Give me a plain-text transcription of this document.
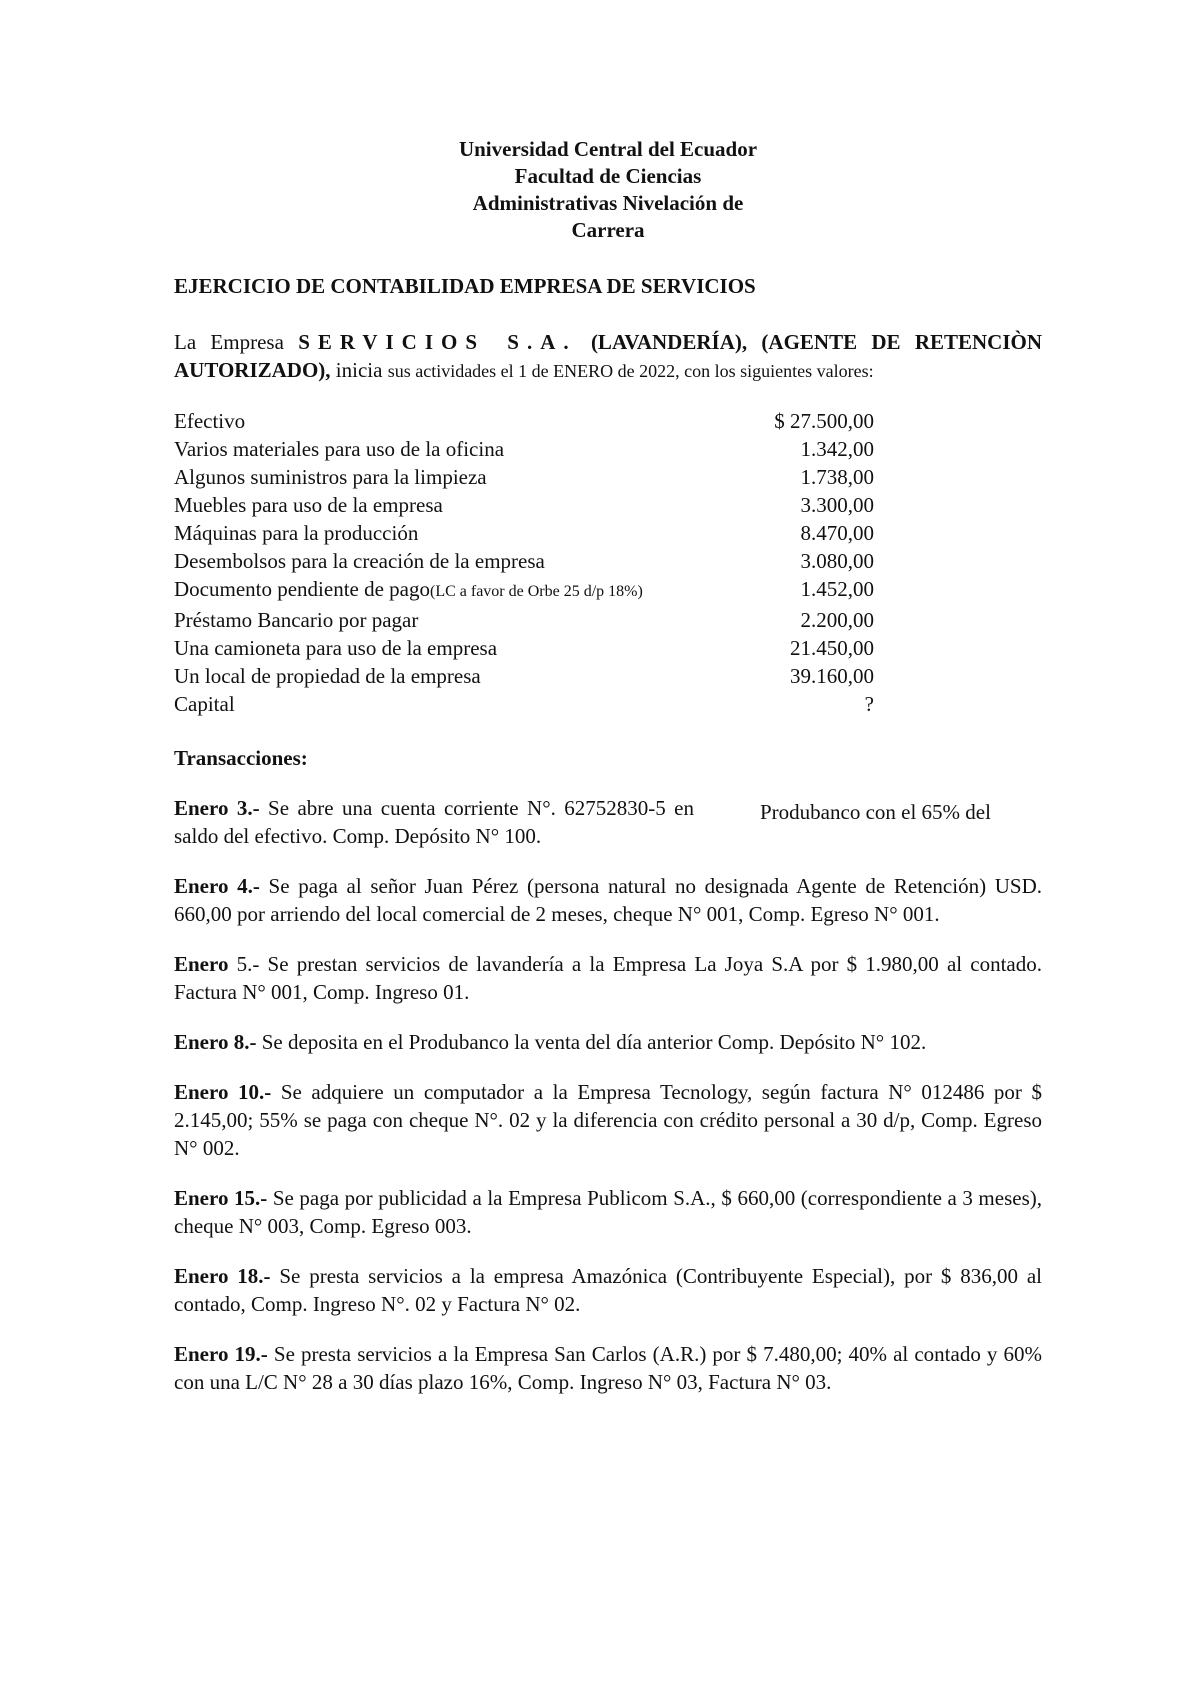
Universidad Central del Ecuador
Facultad de Ciencias
Administrativas Nivelación de
Carrera
EJERCICIO DE CONTABILIDAD EMPRESA DE SERVICIOS
La Empresa SERVICIOS S.A. (LAVANDERÍA), (AGENTE DE RETENCIÒN AUTORIZADO), inicia sus actividades el 1 de ENERO de 2022, con los siguientes valores:
Efectivo	$ 27.500,00
Varios materiales para uso de la oficina	1.342,00
Algunos suministros para la limpieza	1.738,00
Muebles para uso de la empresa	3.300,00
Máquinas para la producción	8.470,00
Desembolsos para la creación de la empresa	3.080,00
Documento pendiente de pago(LC a favor de Orbe 25 d/p 18%)	1.452,00
Préstamo Bancario por pagar	2.200,00
Una camioneta para uso de la empresa	21.450,00
Un local de propiedad de la empresa	39.160,00
Capital	?
Transacciones:
Enero 3.- Se abre una cuenta corriente N°. 62752830-5 en saldo del efectivo. Comp. Depósito N° 100.
Produbanco con el 65% del
Enero 4.- Se paga al señor Juan Pérez (persona natural no designada Agente de Retención) USD. 660,00 por arriendo del local comercial de 2 meses, cheque N° 001, Comp. Egreso N° 001.
Enero 5.- Se prestan servicios de lavandería a la Empresa La Joya S.A por $ 1.980,00 al contado. Factura N° 001, Comp. Ingreso 01.
Enero 8.- Se deposita en el Produbanco la venta del día anterior Comp. Depósito N° 102.
Enero 10.- Se adquiere un computador a la Empresa Tecnology, según factura N° 012486 por $ 2.145,00; 55% se paga con cheque N°. 02 y la diferencia con crédito personal a 30 d/p, Comp. Egreso N° 002.
Enero 15.- Se paga por publicidad a la Empresa Publicom S.A., $ 660,00 (correspondiente a 3 meses), cheque N° 003, Comp. Egreso 003.
Enero 18.- Se presta servicios a la empresa Amazónica (Contribuyente Especial), por $ 836,00 al contado, Comp. Ingreso N°. 02 y Factura N° 02.
Enero 19.- Se presta servicios a la Empresa San Carlos (A.R.) por $ 7.480,00; 40% al contado y 60% con una L/C N° 28 a 30 días plazo 16%, Comp. Ingreso N° 03, Factura N° 03.
